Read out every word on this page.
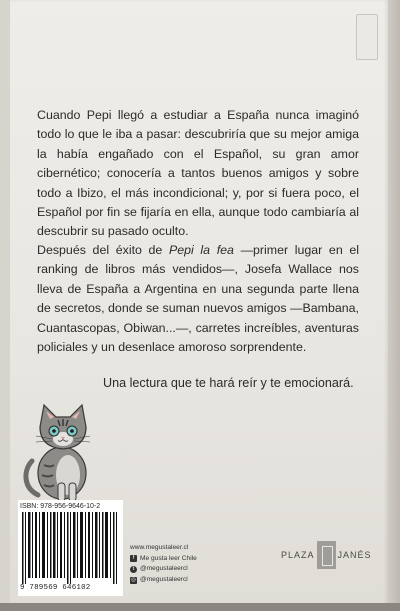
Cuando Pepi llegó a estudiar a España nunca imaginó todo lo que le iba a pasar: descubriría que su mejor amiga la había engañado con el Español, su gran amor cibernético; conocería a tantos buenos amigos y sobre todo a Ibizo, el más incondicional; y, por si fuera poco, el Español por fin se fijaría en ella, aunque todo cambiaría al descubrir su pasado oculto.

Después del éxito de Pepi la fea —primer lugar en el ranking de libros más vendidos—, Josefa Wallace nos lleva de España a Argentina en una segunda parte llena de secretos, donde se suman nuevos amigos —Bambana, Cuantascopas, Obiwan...—, carretes increíbles, aventuras policiales y un desenlace amoroso sorprendente.

Una lectura que te hará reír y te emocionará.
ISBN: 978-956-9646-10-2
9 789569 646102
www.megustaleer.cl
f Me gusta leer Chile
t @megustaleercl
◎ @megustaleercl
PLAZA	JANÉS
